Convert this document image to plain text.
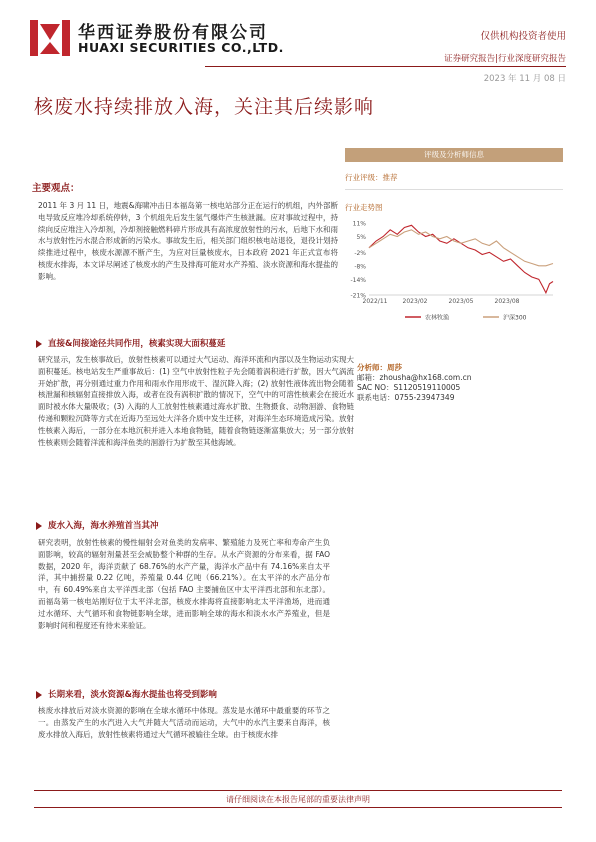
华西证券股份有限公司
HUAXI SECURITIES CO.,LTD.
仅供机构投资者使用
证券研究报告|行业深度研究报告
2023 年 11 月 08 日
核废水持续排放入海，关注其后续影响
评级及分析师信息
行业评级：推荐
行业走势图
11%
5%
-2%
-8%
-14%
-21%
2022/11	2023/02	2023/05	2023/08
农林牧渔	沪深300
分析师：周莎
邮箱：zhousha@hx168.com.cn
SAC NO：S1120519110005
联系电话：0755-23947349
主要观点：
2011 年 3 月 11 日，地震&海啸冲击日本福岛第一核电站部分正在运行的机组，内外部断电导致反应堆冷却系统停转，3 个机组先后发生氢气爆炸产生核泄漏。应对事故过程中，持续向反应堆注入冷却剂，冷却剂接触燃料碎片形成具有高浓度放射性的污水，后地下水和雨水与放射性污水混合形成新的污染水。事故发生后，相关部门组织核电站退役，退役计划持续推进过程中，核废水源源不断产生，为应对巨量核废水，日本政府 2021 年正式宣布将核废水排海，本文详尽阐述了核废水的产生及排海可能对水产养殖、淡水资源和海水提盐的影响。
直接&间接途径共同作用，核素实现大面积蔓延
研究显示，发生核事故后，放射性核素可以通过大气运动、海洋环流和内部以及生物运动实现大面积蔓延。核电站发生严重事故后：(1) 空气中放射性粒子先会随着涡积进行扩散，因大气涡流开始扩散，再分别通过重力作用和雨水作用形成干、湿沉降入海；(2) 放射性液体流出物会随着核泄漏和核辐射直接排放入海，或者在没有涡积扩散的情况下，空气中的可溶性核素会在接近水面时被水体大量吸收；(3) 入海的人工放射性核素通过海水扩散、生物摄食、动物洄游、食物链传递和颗粒沉降等方式在近海乃至远处大洋各介质中发生迁移，对海洋生态环境造成污染。放射性核素入海后，一部分在本地沉积并进入本地食物链，随着食物链逐渐富集放大；另一部分放射性核素则会随着洋流和海洋鱼类的洄游行为扩散至其他海域。
废水入海，海水养殖首当其冲
研究表明，放射性核素的慢性辐射会对鱼类的发病率、繁殖能力及死亡率和寿命产生负面影响，较高的辐射剂量甚至会威胁整个种群的生存。从水产资源的分布来看，据 FAO 数据，2020 年，海洋贡献了 68.76%的水产产量，海洋水产品中有 74.16%来自太平洋，其中捕捞量 0.22 亿吨，养殖量 0.44 亿吨（66.21%）。在太平洋的水产品分布中，有 60.49%来自太平洋西北部（包括 FAO 主要捕鱼区中太平洋西北部和东北部）。而福岛第一核电站刚好位于太平洋北部，核废水排海将直接影响北太平洋渔场，进而通过水循环、大气循环和食物链影响全球，进而影响全球的海水和淡水水产养殖业，但是影响时间和程度还有待未来验证。
长期来看，淡水资源&海水提盐也将受到影响
核废水排放后对淡水资源的影响在全球水循环中体现。蒸发是水循环中最重要的环节之一。由蒸发产生的水汽进入大气并随大气活动而运动，大气中的水汽主要来自海洋，核废水排放入海后，放射性核素将通过大气循环被输往全球。由于核废水排
请仔细阅读在本报告尾部的重要法律声明
